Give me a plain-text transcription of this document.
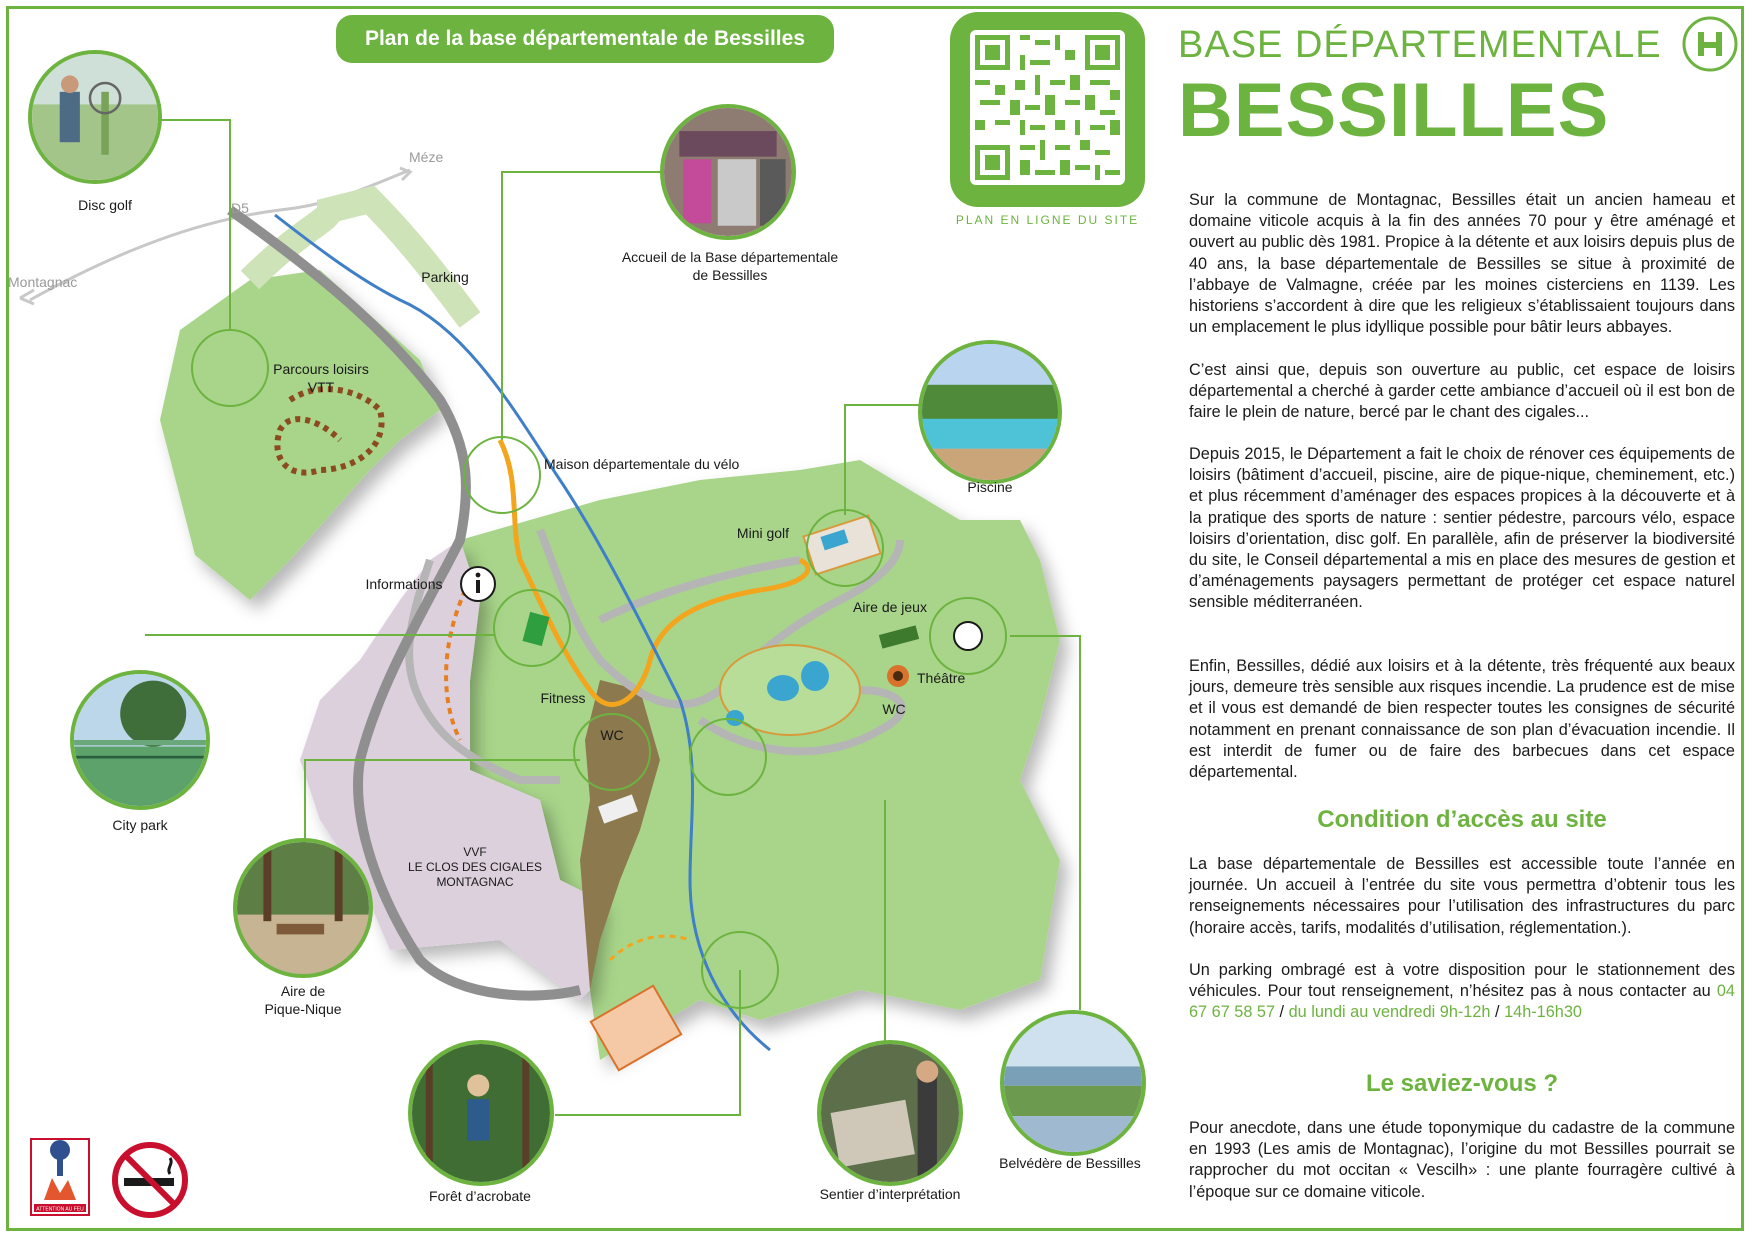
Plan de la base départementale de Bessilles
Méze
D5
Montagnac
Disc golf
Parking
Accueil de la Base départementale
de Bessilles
Parcours loisirs
VTT
Maison départementale du vélo
Piscine
Mini golf
Informations
Aire de jeux
Théâtre
WC
Fitness
WC
City park
VVF
LE CLOS DES CIGALES
MONTAGNAC
Aire de
Pique-Nique
Forêt d’acrobate	Sentier d’interprétation
Belvédère de Bessilles
ATTENTION AU FEU
PLAN EN LIGNE DU SITE
BASE DÉPARTEMENTALE
BESSILLES
Sur la commune de Montagnac, Bessilles était un ancien hameau et domaine viticole acquis à la fin des années 70 pour y être aménagé et ouvert au public dès 1981. Propice à la détente et aux loisirs depuis plus de 40 ans, la base départementale de Bessilles se situe à proximité de l’abbaye de Valmagne, créée par les moines cisterciens en 1139. Les historiens s’accordent à dire que les religieux s’établissaient toujours dans un emplacement le plus idyllique possible pour bâtir leurs abbayes.
C’est ainsi que, depuis son ouverture au public, cet espace de loisirs départemental a cherché à garder cette ambiance d’accueil où il est bon de faire le plein de nature, bercé par le chant des cigales...
Depuis 2015, le Département a fait le choix de rénover ces équipements de loisirs (bâtiment d’accueil, piscine, aire de pique-nique, cheminement, etc.) et plus récemment d’aménager des espaces propices à la découverte et à la pratique des sports de nature : sentier pédestre, parcours vélo, espace loisirs d’orientation, disc golf. En parallèle, afin de préserver la biodiversité du site, le Conseil départemental a mis en place des mesures de gestion et d’aménagements paysagers permettant de protéger cet espace naturel sensible méditerranéen.
Enfin, Bessilles, dédié aux loisirs et à la détente, très fréquenté aux beaux jours, demeure très sensible aux risques incendie. La prudence est de mise et il vous est demandé de bien respecter toutes les consignes de sécurité notamment en prenant connaissance de son plan d’évacuation incendie. Il est interdit de fumer ou de faire des barbecues dans cet espace départemental.
Condition d’accès au site
La base départementale de Bessilles est accessible toute l’année en journée. Un accueil à l’entrée du site vous permettra d’obtenir tous les renseignements nécessaires pour l’utilisation des infrastructures du parc (horaire accès, tarifs, modalités d’utilisation, réglementation.).
Un parking ombragé est à votre disposition pour le stationnement des véhicules. Pour tout renseignement, n’hésitez pas à nous contacter au 04 67 67 58 57 / du lundi au vendredi 9h-12h / 14h-16h30
Le saviez-vous ?
Pour anecdote, dans une étude toponymique du cadastre de la commune en 1993 (Les amis de Montagnac), l’origine du mot Bessilles pourrait se rapprocher du mot occitan « Vescilh» : une plante fourragère cultivé à l’époque sur ce domaine viticole.
